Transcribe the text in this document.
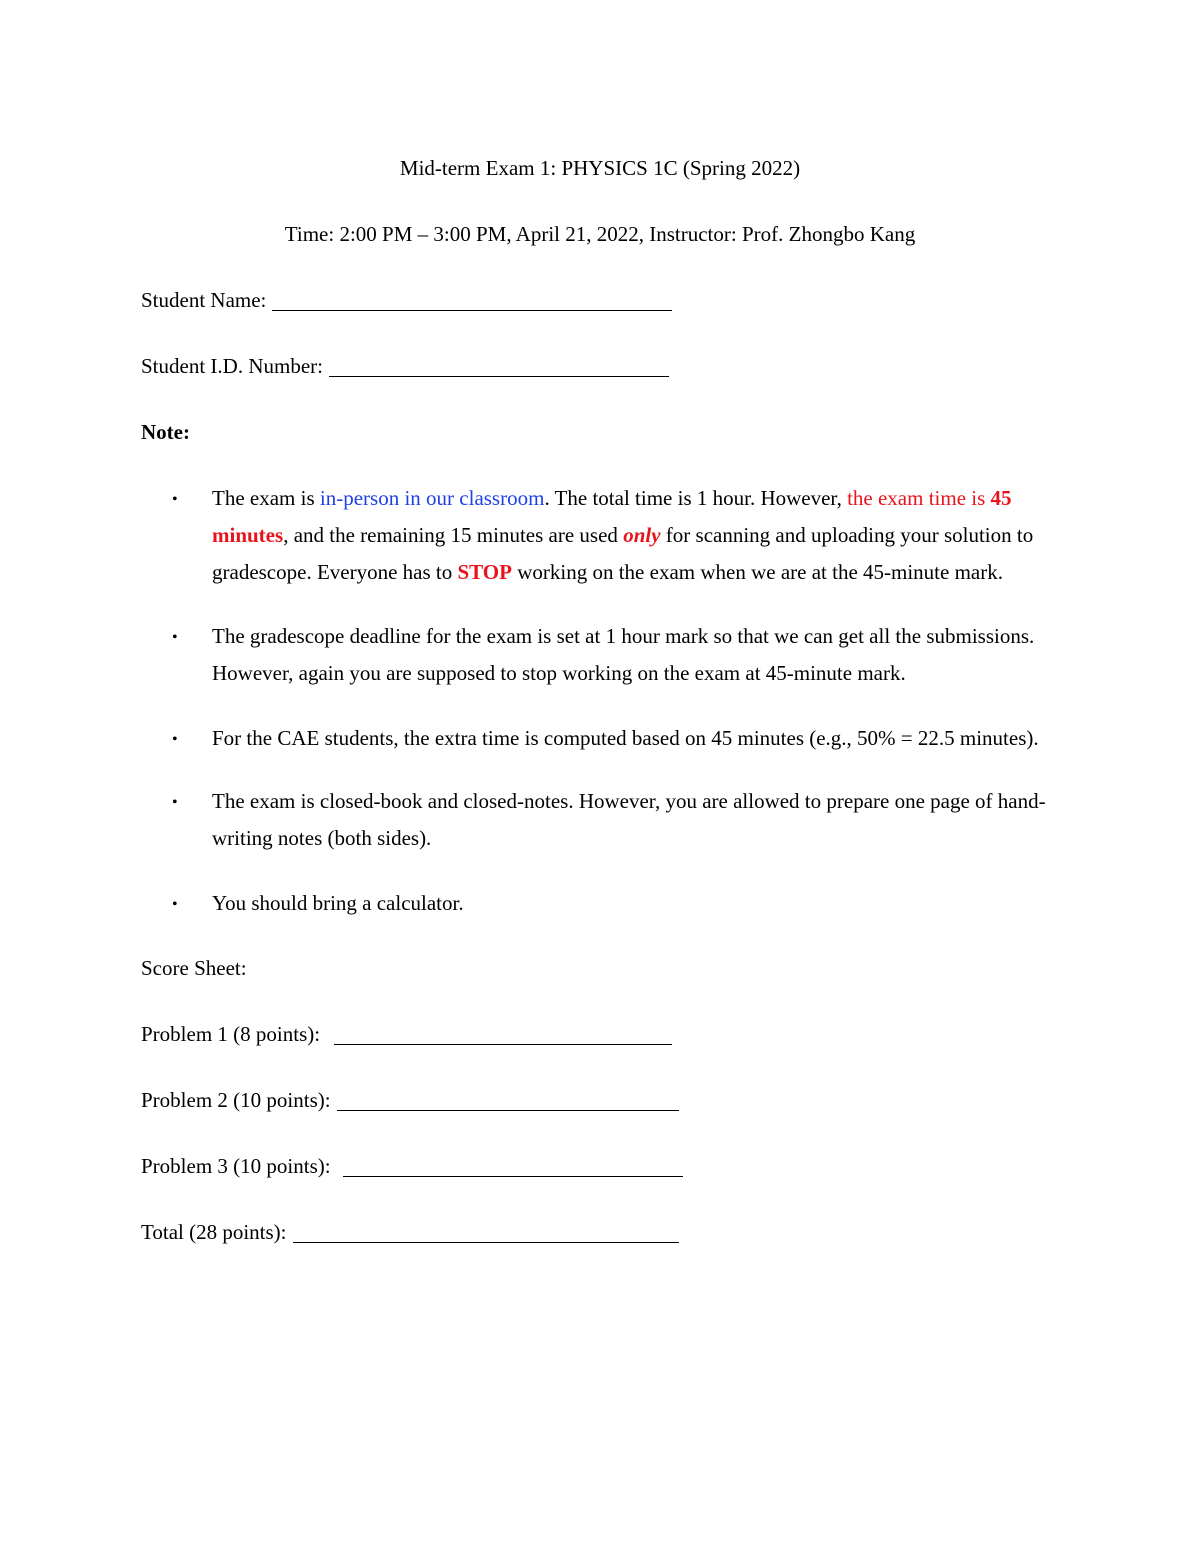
Mid-term Exam 1: PHYSICS 1C (Spring 2022)
Time: 2:00 PM – 3:00 PM, April 21, 2022, Instructor: Prof. Zhongbo Kang
Student Name:
Student I.D. Number:
Note:
• The exam is in-person in our classroom. The total time is 1 hour. However, the exam time is 45 minutes, and the remaining 15 minutes are used only for scanning and uploading your solution to gradescope. Everyone has to STOP working on the exam when we are at the 45-minute mark.
• The gradescope deadline for the exam is set at 1 hour mark so that we can get all the submissions. However, again you are supposed to stop working on the exam at 45-minute mark.
• For the CAE students, the extra time is computed based on 45 minutes (e.g., 50% = 22.5 minutes).
• The exam is closed-book and closed-notes. However, you are allowed to prepare one page of hand-writing notes (both sides).
• You should bring a calculator.
Score Sheet:
Problem 1 (8 points):
Problem 2 (10 points):
Problem 3 (10 points):
Total (28 points):
